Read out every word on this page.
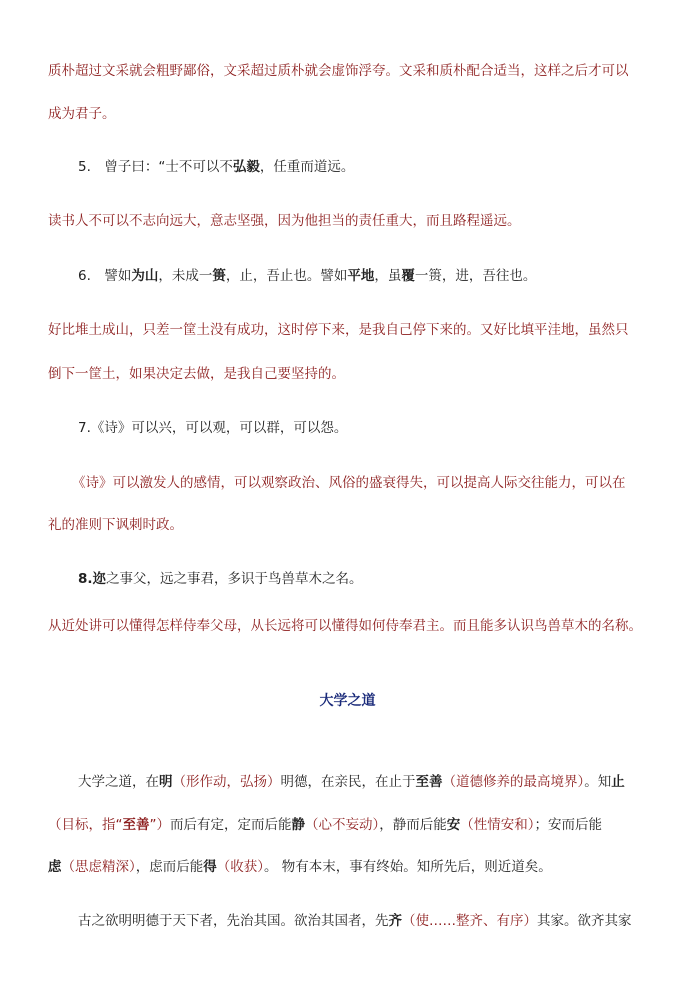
质朴超过文采就会粗野鄙俗，文采超过质朴就会虚饰浮夸。文采和质朴配合适当，这样之后才可以
成为君子。
5.　曾子曰：“士不可以不弘毅，任重而道远。
读书人不可以不志向远大，意志坚强，因为他担当的责任重大，而且路程遥远。
6.　譬如为山，未成一篑，止，吾止也。譬如平地，虽覆一篑，进，吾往也。
好比堆土成山，只差一筐土没有成功，这时停下来，是我自己停下来的。又好比填平洼地，虽然只
倒下一筐土，如果决定去做，是我自己要坚持的。
7.《诗》可以兴，可以观，可以群，可以怨。
《诗》可以激发人的感情，可以观察政治、风俗的盛衰得失，可以提高人际交往能力，可以在
礼的准则下讽刺时政。
8.迩之事父，远之事君，多识于鸟兽草木之名。
从近处讲可以懂得怎样侍奉父母，从长远将可以懂得如何侍奉君主。而且能多认识鸟兽草木的名称。
大学之道
大学之道，在明（形作动，弘扬）明德，在亲民，在止于至善（道德修养的最高境界）。知止
（目标，指“至善”）而后有定，定而后能静（心不妄动），静而后能安（性情安和）；安而后能
虑（思虑精深），虑而后能得（收获）。 物有本末，事有终始。知所先后，则近道矣。
古之欲明明德于天下者，先治其国。欲治其国者，先齐（使……整齐、有序）其家。欲齐其家
